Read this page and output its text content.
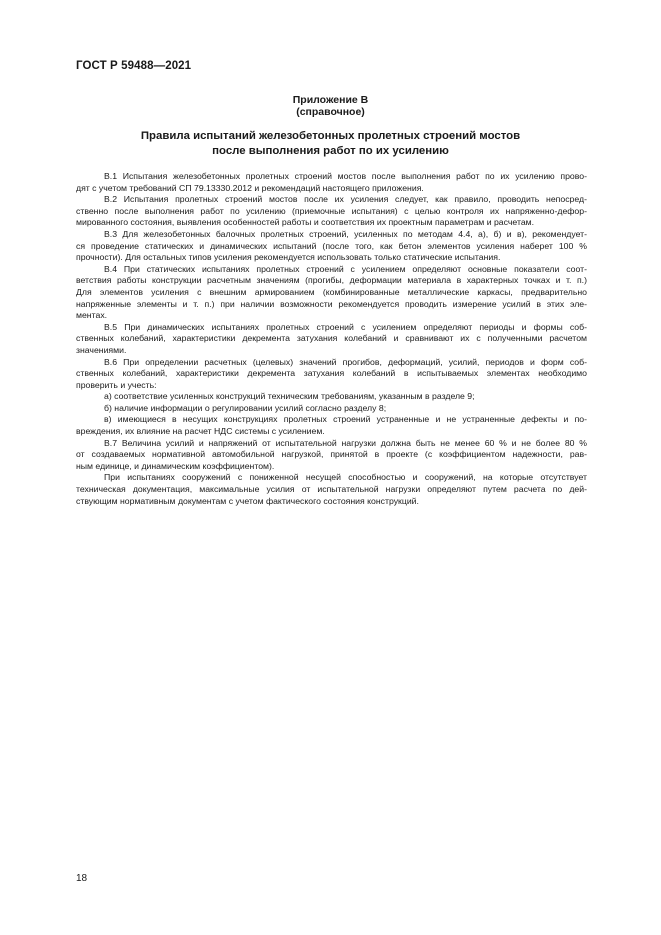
ГОСТ Р 59488—2021
Приложение В
(справочное)
Правила испытаний железобетонных пролетных строений мостов
после выполнения работ по их усилению
В.1 Испытания железобетонных пролетных строений мостов после выполнения работ по их усилению прово-
дят с учетом требований СП 79.13330.2012 и рекомендаций настоящего приложения.
В.2 Испытания пролетных строений мостов после их усиления следует, как правило, проводить непосред-
ственно после выполнения работ по усилению (приемочные испытания) с целью контроля их напряженно-дефор-
мированного состояния, выявления особенностей работы и соответствия их проектным параметрам и расчетам.
В.3 Для железобетонных балочных пролетных строений, усиленных по методам 4.4, а), б) и в), рекомендует-
ся проведение статических и динамических испытаний (после того, как бетон элементов усиления наберет 100 %
прочности). Для остальных типов усиления рекомендуется использовать только статические испытания.
В.4 При статических испытаниях пролетных строений с усилением определяют основные показатели соот-
ветствия работы конструкции расчетным значениям (прогибы, деформации материала в характерных точках и т. п.)
Для элементов усиления с внешним армированием (комбинированные металлические каркасы, предварительно
напряженные элементы и т. п.) при наличии возможности рекомендуется проводить измерение усилий в этих эле-
ментах.
В.5 При динамических испытаниях пролетных строений с усилением определяют периоды и формы соб-
ственных колебаний, характеристики декремента затухания колебаний и сравнивают их с полученными расчетом
значениями.
В.6 При определении расчетных (целевых) значений прогибов, деформаций, усилий, периодов и форм соб-
ственных колебаний, характеристики декремента затухания колебаний в испытываемых элементах необходимо
проверить и учесть:
а) соответствие усиленных конструкций техническим требованиям, указанным в разделе 9;
б) наличие информации о регулировании усилий согласно разделу 8;
в) имеющиеся в несущих конструкциях пролетных строений устраненные и не устраненные дефекты и по-
вреждения, их влияние на расчет НДС системы с усилением.
В.7 Величина усилий и напряжений от испытательной нагрузки должна быть не менее 60 % и не более 80 %
от создаваемых нормативной автомобильной нагрузкой, принятой в проекте (с коэффициентом надежности, рав-
ным единице, и динамическим коэффициентом).
При испытаниях сооружений с пониженной несущей способностью и сооружений, на которые отсутствует
техническая документация, максимальные усилия от испытательной нагрузки определяют путем расчета по дей-
ствующим нормативным документам с учетом фактического состояния конструкций.
18
